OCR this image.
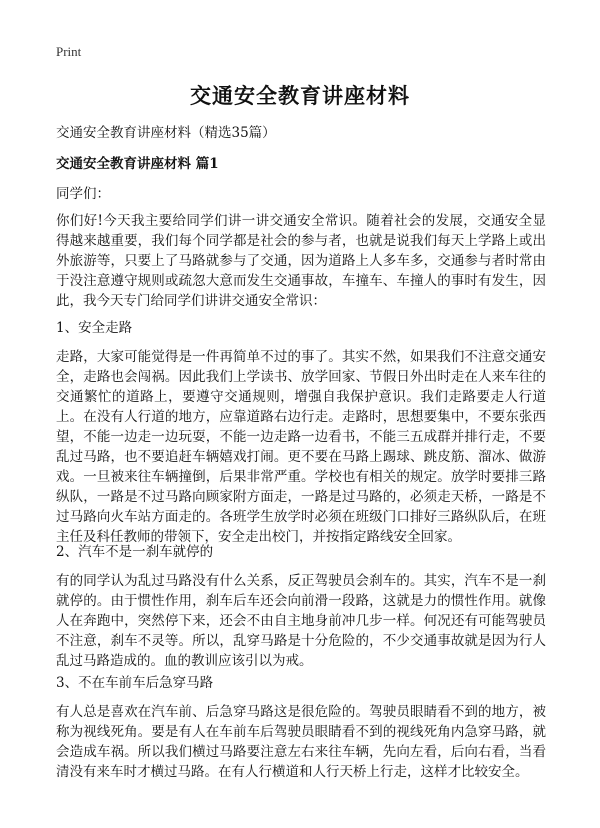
Print
交通安全教育讲座材料
交通安全教育讲座材料（精选35篇）
交通安全教育讲座材料 篇1
同学们：

你们好!今天我主要给同学们讲一讲交通安全常识。随着社会的发展，交通安全显得越来越重要，我们每个同学都是社会的参与者，也就是说我们每天上学路上或出外旅游等，只要上了马路就参与了交通，因为道路上人多车多，交通参与者时常由于没注意遵守规则或疏忽大意而发生交通事故，车撞车、车撞人的事时有发生，因此，我今天专门给同学们讲讲交通安全常识：

1、安全走路

走路，大家可能觉得是一件再简单不过的事了。其实不然，如果我们不注意交通安全，走路也会闯祸。因此我们上学读书、放学回家、节假日外出时走在人来车往的交通繁忙的道路上，要遵守交通规则，增强自我保护意识。我们走路要走人行道上。在没有人行道的地方，应靠道路右边行走。走路时，思想要集中，不要东张西望，不能一边走一边玩耍，不能一边走路一边看书，不能三五成群并排行走，不要乱过马路，也不要追赶车辆嬉戏打闹。更不要在马路上踢球、跳皮筋、溜冰、做游戏。一旦被来往车辆撞倒，后果非常严重。学校也有相关的规定。放学时要排三路纵队，一路是不过马路向顾家附方面走，一路是过马路的，必须走天桥，一路是不过马路向火车站方面走的。各班学生放学时必须在班级门口排好三路纵队后，在班主任及科任教师的带领下，安全走出校门，并按指定路线安全回家。

2、汽车不是一刹车就停的

有的同学认为乱过马路没有什么关系，反正驾驶员会刹车的。其实，汽车不是一刹就停的。由于惯性作用，刹车后车还会向前滑一段路，这就是力的惯性作用。就像人在奔跑中，突然停下来，还会不由自主地身前冲几步一样。何况还有可能驾驶员不注意，刹车不灵等。所以，乱穿马路是十分危险的，不少交通事故就是因为行人乱过马路造成的。血的教训应该引以为戒。

3、不在车前车后急穿马路

有人总是喜欢在汽车前、后急穿马路这是很危险的。驾驶员眼睛看不到的地方，被称为视线死角。要是有人在车前车后驾驶员眼睛看不到的视线死角内急穿马路，就会造成车祸。所以我们横过马路要注意左右来往车辆，先向左看，后向右看，当看清没有来车时才横过马路。在有人行横道和人行天桥上行走，这样才比较安全。
